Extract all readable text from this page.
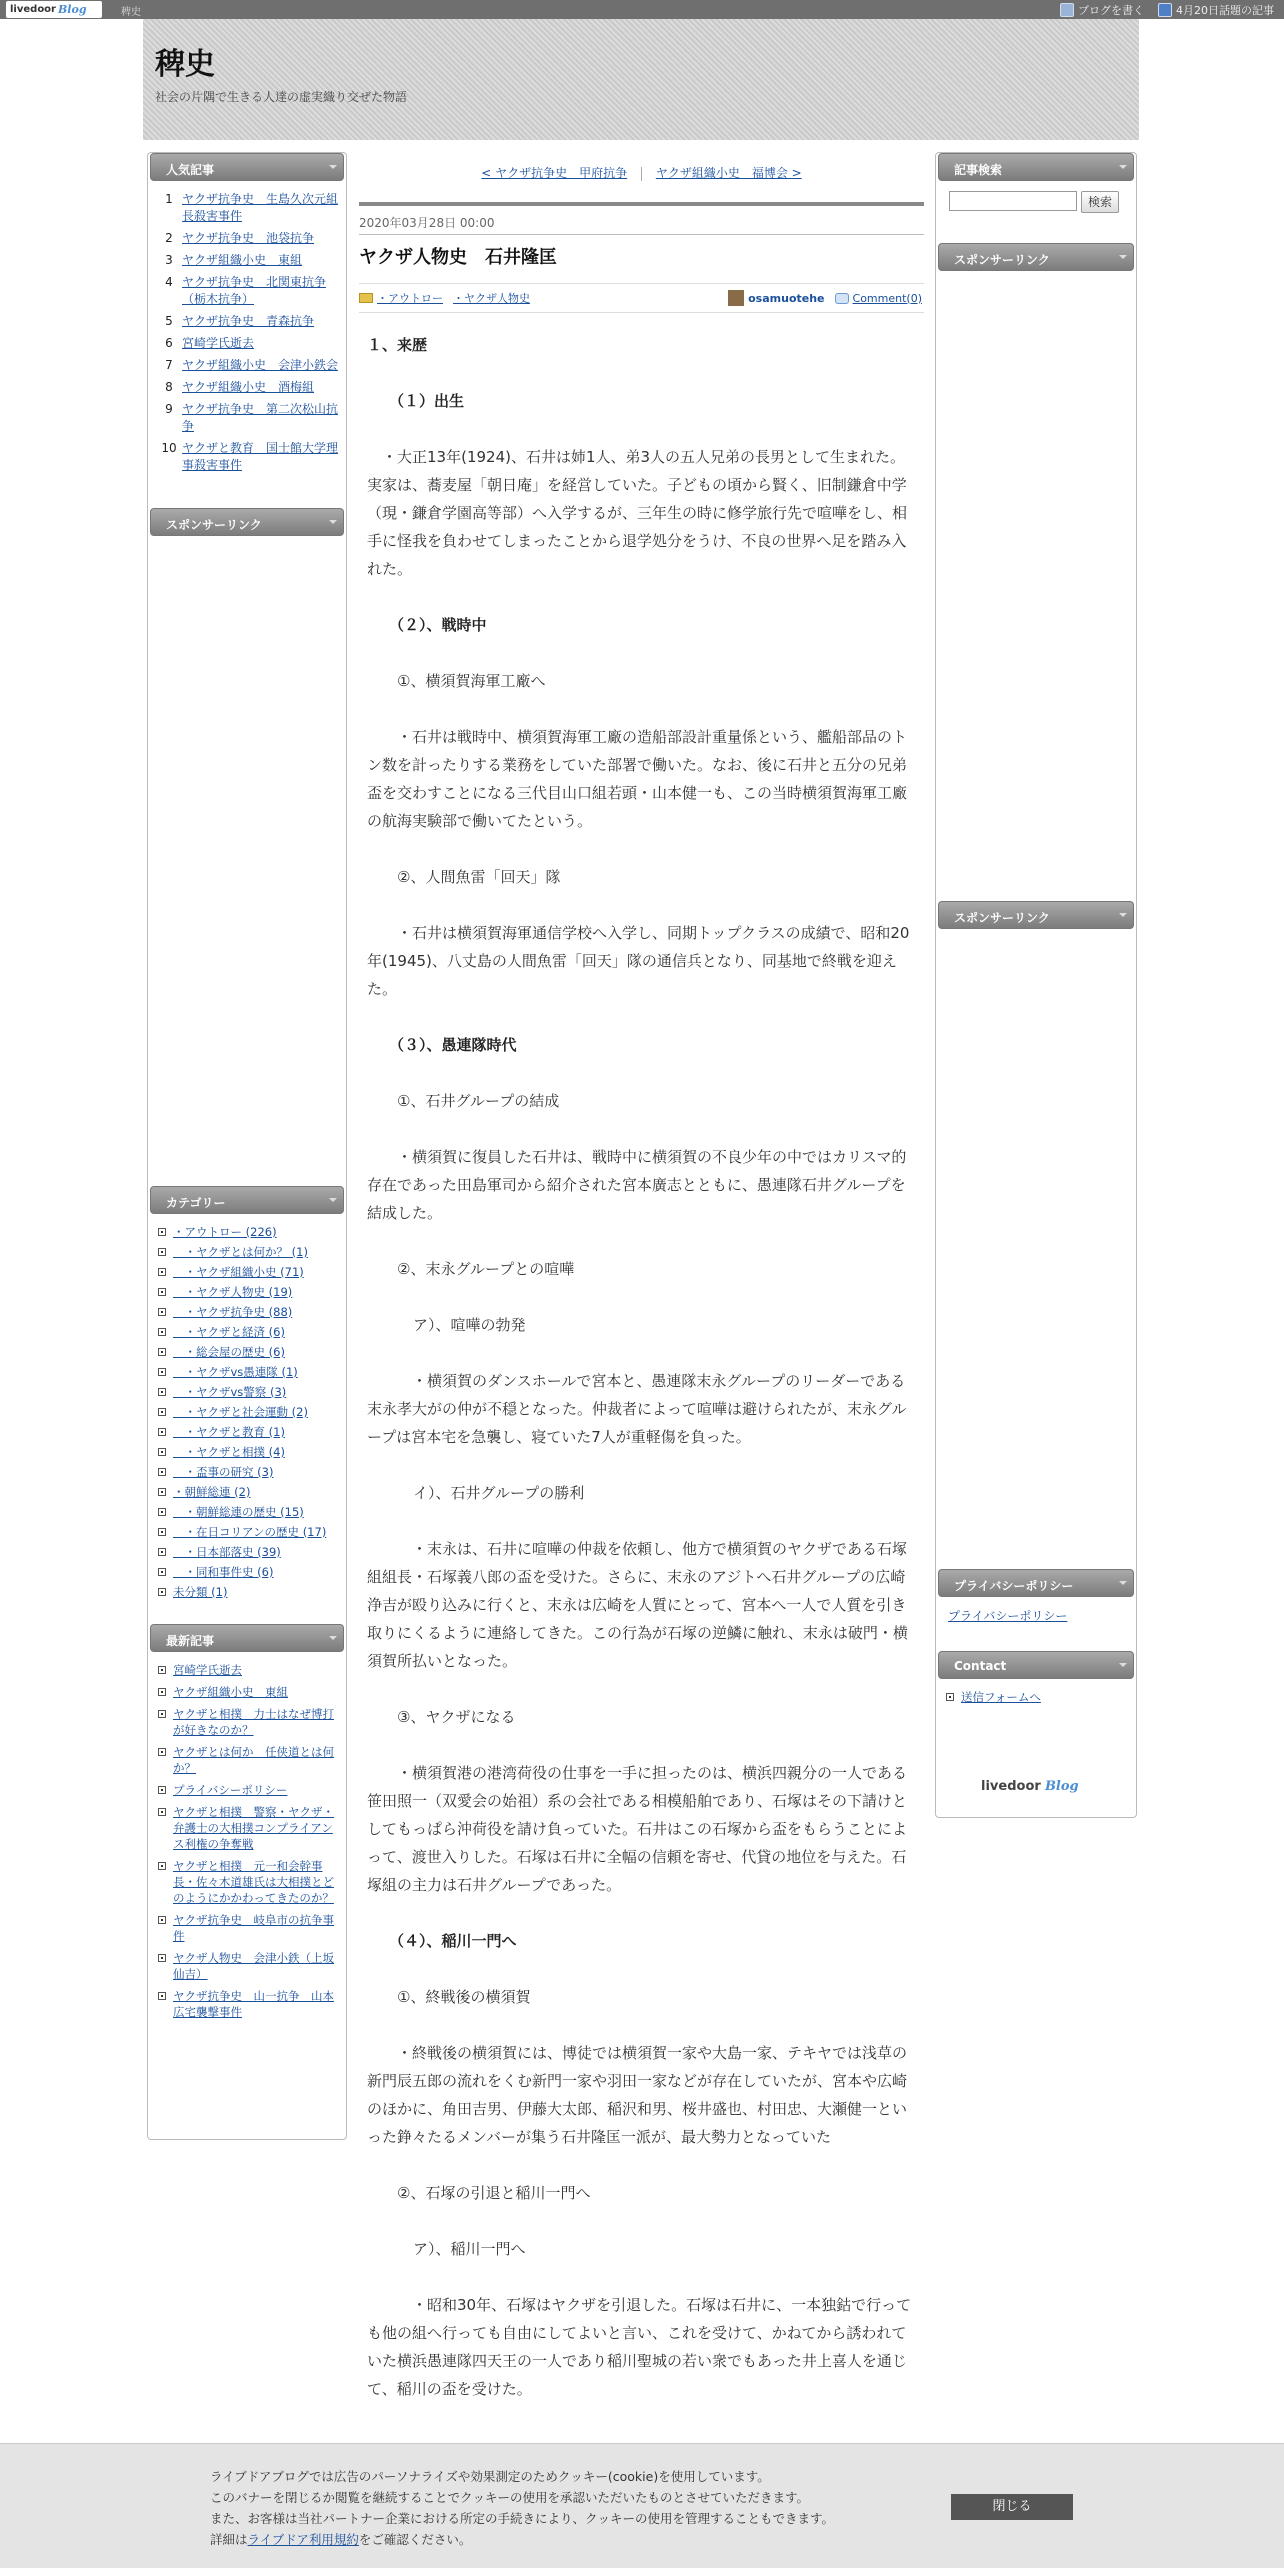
livedoor Blog	稗史	ブログを書く	4月20日話題の記事
稗史
社会の片隅で生きる人達の虚実織り交ぜた物語
人気記事
1 ヤクザ抗争史　生島久次元組長殺害事件
2 ヤクザ抗争史　池袋抗争
3 ヤクザ組織小史　東組
4 ヤクザ抗争史　北関東抗争（栃木抗争）
5 ヤクザ抗争史　青森抗争
6 宮崎学氏逝去
7 ヤクザ組織小史　会津小鉄会
8 ヤクザ組織小史　酒梅組
9 ヤクザ抗争史　第二次松山抗争
10 ヤクザと教育　国士館大学理事殺害事件
スポンサーリンク
カテゴリー
・アウトロー (226)
　・ヤクザとは何か？ (1)
　・ヤクザ組織小史 (71)
　・ヤクザ人物史 (19)
　・ヤクザ抗争史 (88)
　・ヤクザと経済 (6)
　・総会屋の歴史 (6)
　・ヤクザvs愚連隊 (1)
　・ヤクザvs警察 (3)
　・ヤクザと社会運動 (2)
　・ヤクザと教育 (1)
　・ヤクザと相撲 (4)
　・盃事の研究 (3)
・朝鮮総連 (2)
　・朝鮮総連の歴史 (15)
　・在日コリアンの歴史 (17)
　・日本部落史 (39)
　・同和事件史 (6)
未分類 (1)
最新記事
宮崎学氏逝去
ヤクザ組織小史　東組
ヤクザと相撲　力士はなぜ博打が好きなのか？
ヤクザとは何か　任侠道とは何か？
プライバシーポリシー
ヤクザと相撲　警察・ヤクザ・弁護士の大相撲コンプライアンス利権の争奪戦
ヤクザと相撲　元一和会幹事長・佐々木道雄氏は大相撲とどのようにかかわってきたのか？
ヤクザ抗争史　岐阜市の抗争事件
ヤクザ人物史　会津小鉄（上坂仙吉）
ヤクザ抗争史　山一抗争　山本広宅襲撃事件
< ヤクザ抗争史　甲府抗争 ヤクザ組織小史　福博会 >
2020年03月28日 00:00
ヤクザ人物史　石井隆匡
・アウトロー ・ヤクザ人物史	osamuotehe	Comment(0)

１、来歴

（１）出生

　・大正13年(1924)、石井は姉1人、弟3人の五人兄弟の長男として生まれた。実家は、蕎麦屋「朝日庵」を経営していた。子どもの頃から賢く、旧制鎌倉中学（現・鎌倉学園高等部）へ入学するが、三年生の時に修学旅行先で喧嘩をし、相手に怪我を負わせてしまったことから退学処分をうけ、不良の世界へ足を踏み入れた。

（２）、戦時中

①、横須賀海軍工廠へ

　　・石井は戦時中、横須賀海軍工廠の造船部設計重量係という、艦船部品のトン数を計ったりする業務をしていた部署で働いた。なお、後に石井と五分の兄弟盃を交わすことになる三代目山口組若頭・山本健一も、この当時横須賀海軍工廠の航海実験部で働いてたという。

②、人間魚雷「回天」隊

　　・石井は横須賀海軍通信学校へ入学し、同期トップクラスの成績で、昭和20年(1945)、八丈島の人間魚雷「回天」隊の通信兵となり、同基地で終戦を迎えた。

（３）、愚連隊時代

①、石井グループの結成

　　・横須賀に復員した石井は、戦時中に横須賀の不良少年の中ではカリスマ的存在であった田島軍司から紹介された宮本廣志とともに、愚連隊石井グループを結成した。

②、末永グループとの喧嘩

ア）、喧嘩の勃発

　　　・横須賀のダンスホールで宮本と、愚連隊末永グループのリーダーである末永孝大がの仲が不穏となった。仲裁者によって喧嘩は避けられたが、末永グループは宮本宅を急襲し、寝ていた7人が重軽傷を負った。

イ）、石井グループの勝利

　　　・末永は、石井に喧嘩の仲裁を依頼し、他方で横須賀のヤクザである石塚組組長・石塚義八郎の盃を受けた。さらに、末永のアジトへ石井グループの広崎浄吉が殴り込みに行くと、末永は広崎を人質にとって、宮本へ一人で人質を引き取りにくるように連絡してきた。この行為が石塚の逆鱗に触れ、末永は破門・横須賀所払いとなった。

③、ヤクザになる

　　・横須賀港の港湾荷役の仕事を一手に担ったのは、横浜四親分の一人である笹田照一（双愛会の始祖）系の会社である相模船舶であり、石塚はその下請けとしてもっぱら沖荷役を請け負っていた。石井はこの石塚から盃をもらうことによって、渡世入りした。石塚は石井に全幅の信頼を寄せ、代貸の地位を与えた。石塚組の主力は石井グループであった。

（４）、稲川一門へ

①、終戦後の横須賀

　　・終戦後の横須賀には、博徒では横須賀一家や大島一家、テキヤでは浅草の新門辰五郎の流れをくむ新門一家や羽田一家などが存在していたが、宮本や広崎のほかに、角田吉男、伊藤大太郎、稲沢和男、桜井盛也、村田忠、大瀬健一といった錚々たるメンバーが集う石井隆匡一派が、最大勢力となっていた

②、石塚の引退と稲川一門へ

ア）、稲川一門へ

　　　・昭和30年、石塚はヤクザを引退した。石塚は石井に、一本独鈷で行っても他の組へ行っても自由にしてよいと言い、これを受けて、かねてから誘われていた横浜愚連隊四天王の一人であり稲川聖城の若い衆でもあった井上喜人を通じて、稲川の盃を受けた。

記事検索
検索
スポンサーリンク
スポンサーリンク
プライバシーポリシー
プライバシーポリシー
Contact
送信フォームへ
livedoor Blog
ライブドアブログでは広告のパーソナライズや効果測定のためクッキー(cookie)を使用しています。
このバナーを閉じるか閲覧を継続することでクッキーの使用を承認いただいたものとさせていただきます。
また、お客様は当社パートナー企業における所定の手続きにより、クッキーの使用を管理することもできます。
詳細はライブドア利用規約をご確認ください。
閉じる
